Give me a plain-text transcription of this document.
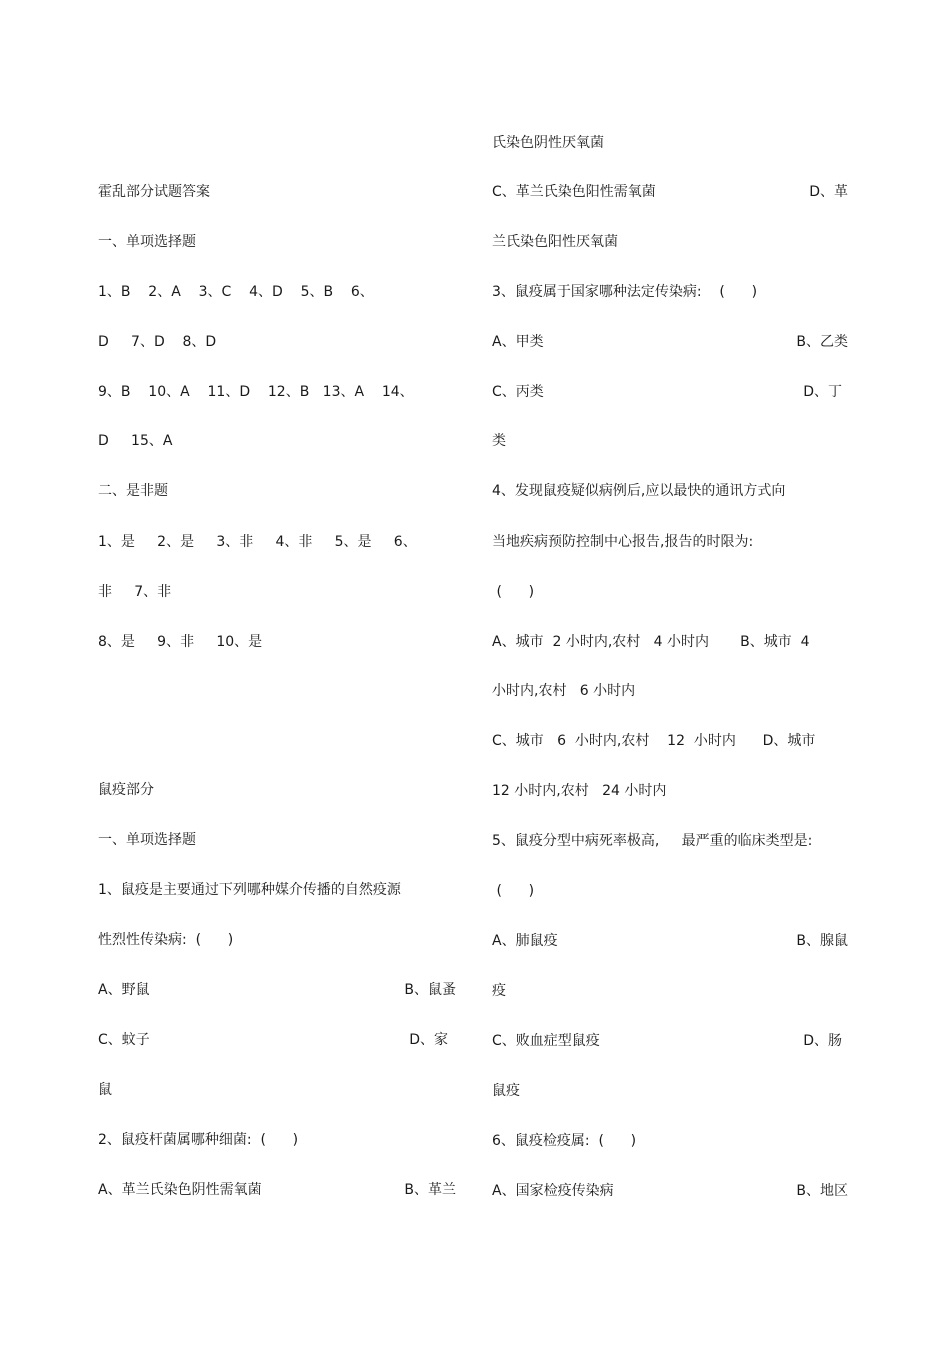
霍乱部分试题答案
一、单项选择题
1、B    2、A    3、C    4、D    5、B    6、
D     7、D    8、D
9、B    10、A    11、D    12、B   13、A    14、
D     15、A
二、是非题
1、是     2、是     3、非     4、非     5、是     6、
非     7、非
8、是     9、非     10、是
鼠疫部分
一、单项选择题
1、鼠疫是主要通过下列哪种媒介传播的自然疫源
性烈性传染病:  (      )
A、野鼠	B、鼠蚤
C、蚊子	D、家
鼠
2、鼠疫杆菌属哪种细菌:  (      )
A、革兰氏染色阴性需氧菌	B、革兰
氏染色阴性厌氧菌
C、革兰氏染色阳性需氧菌	D、革
兰氏染色阳性厌氧菌
3、鼠疫属于国家哪种法定传染病:    (      )
A、甲类	B、乙类
C、丙类	D、丁
类
4、发现鼠疫疑似病例后,应以最快的通讯方式向
当地疾病预防控制中心报告,报告的时限为:
(      )
A、城市  2 小时内,农村   4 小时内       B、城市  4
小时内,农村   6 小时内
C、城市   6  小时内,农村    12  小时内      D、城市
12 小时内,农村   24 小时内
5、鼠疫分型中病死率极高,     最严重的临床类型是:
(      )
A、肺鼠疫	B、腺鼠
疫
C、败血症型鼠疫	D、肠
鼠疫
6、鼠疫检疫属:  (      )
A、国家检疫传染病	B、地区
